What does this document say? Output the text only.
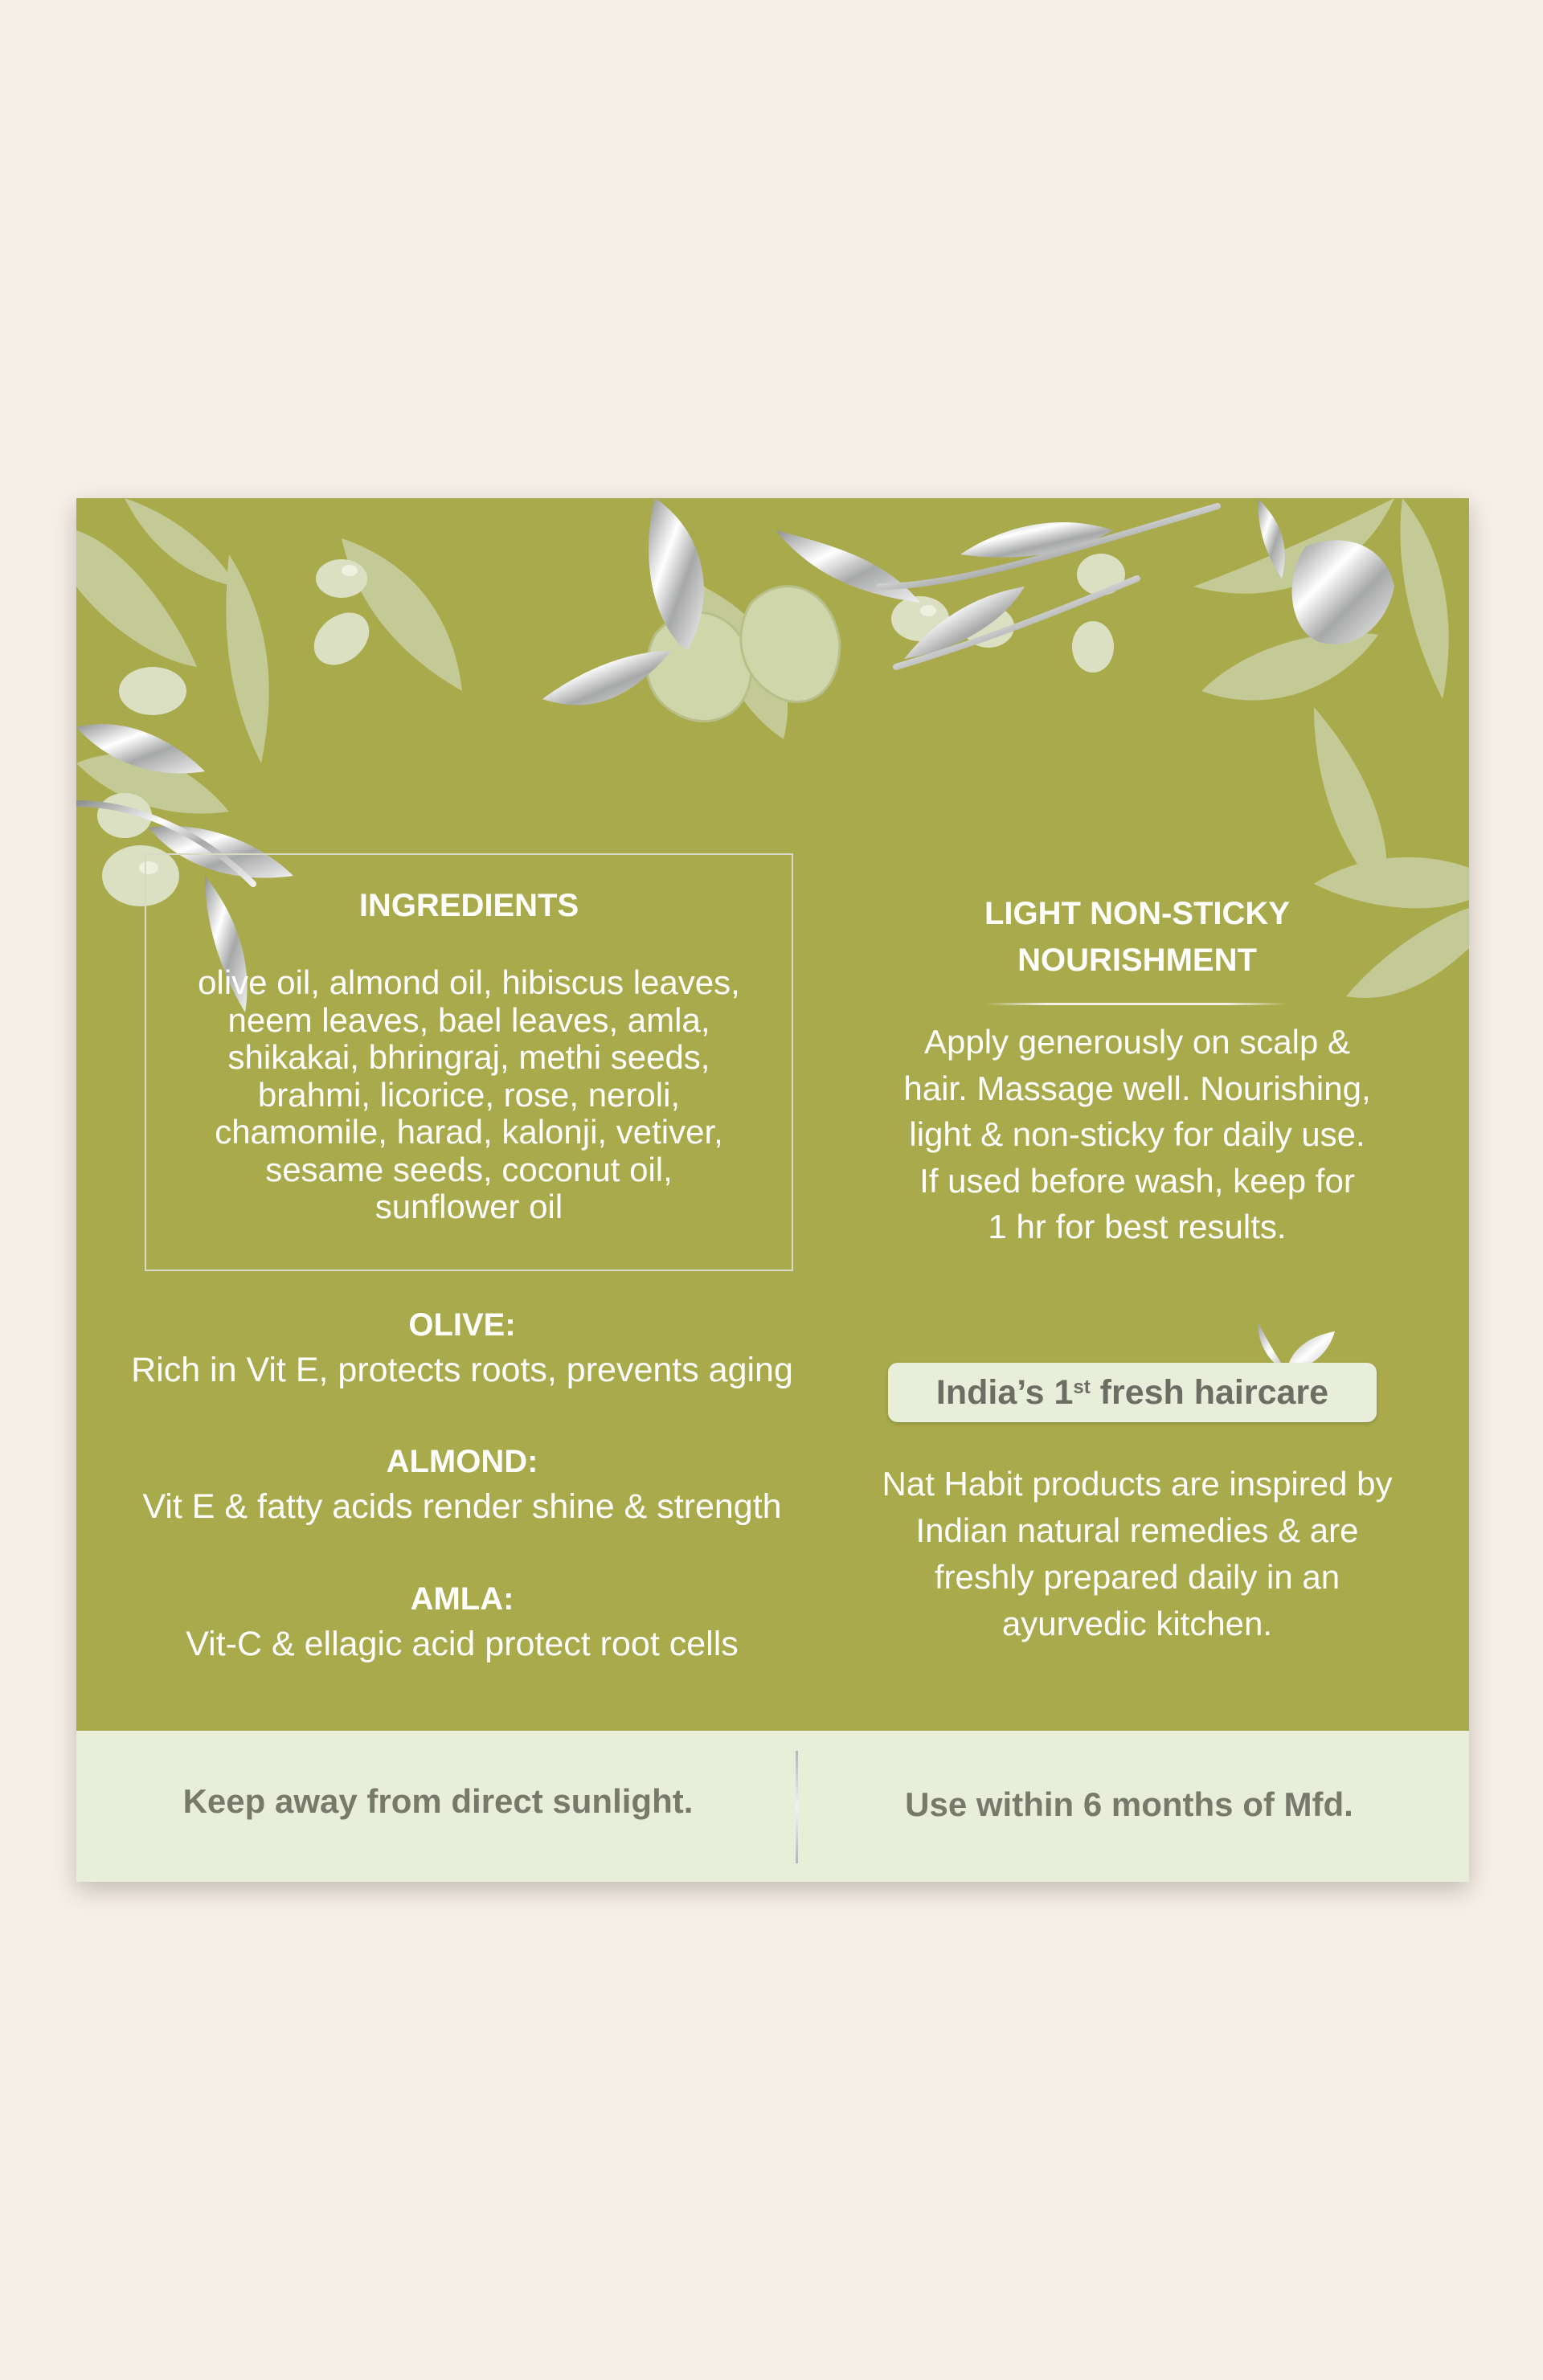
INGREDIENTS
olive oil, almond oil, hibiscus leaves,
neem leaves, bael leaves, amla,
shikakai, bhringraj, methi seeds,
brahmi, licorice, rose, neroli,
chamomile, harad, kalonji, vetiver,
sesame seeds, coconut oil,
sunflower oil
LIGHT NON-STICKY
NOURISHMENT
Apply generously on scalp &
hair. Massage well. Nourishing,
light & non-sticky for daily use.
If used before wash, keep for
1 hr for best results.
OLIVE:
Rich in Vit E, protects roots, prevents aging
ALMOND:
Vit E & fatty acids render shine & strength
AMLA:
Vit-C & ellagic acid protect root cells
India’s 1st fresh haircare
Nat Habit products are inspired by
Indian natural remedies & are
freshly prepared daily in an
ayurvedic kitchen.
Keep away from direct sunlight.	Use within 6 months of Mfd.
